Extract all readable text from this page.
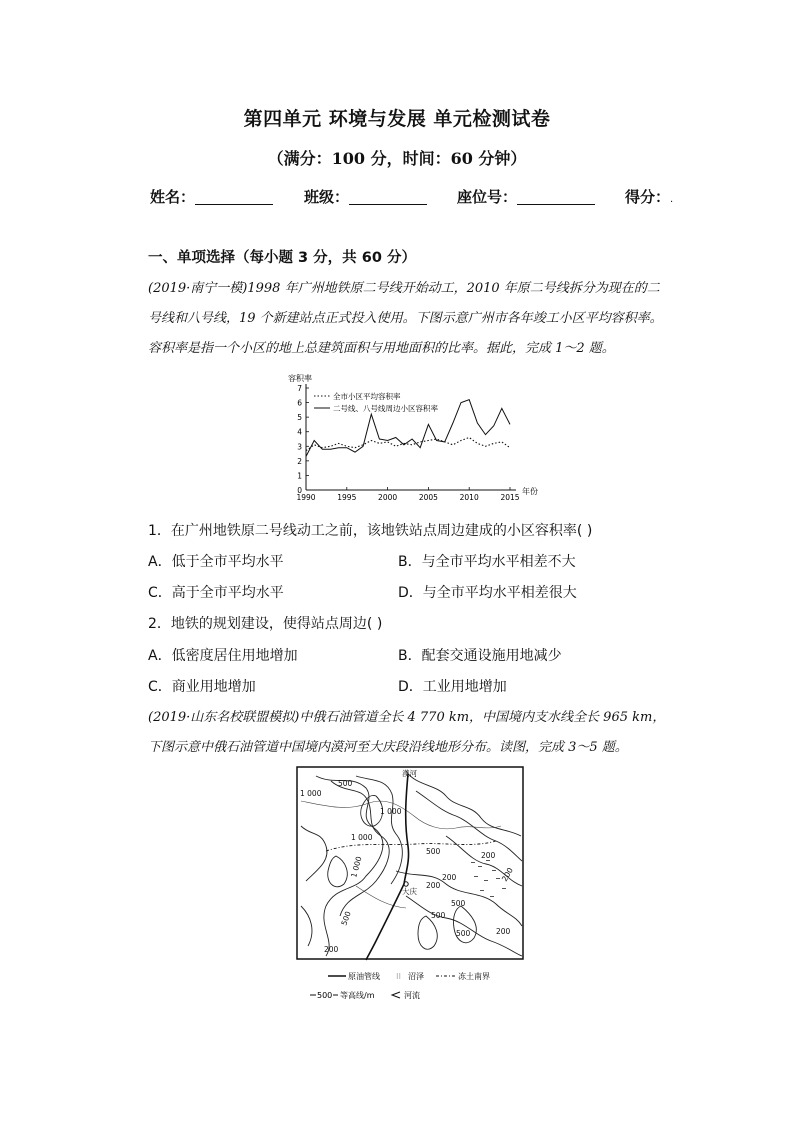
第四单元 环境与发展 单元检测试卷
（满分：100 分，时间：60 分钟）
姓名：	班级：	座位号：	得分：.
一、单项选择（每小题 3 分，共 60 分）
(2019·南宁一模)1998 年广州地铁原二号线开始动工，2010 年原二号线拆分为现在的二
号线和八号线，19 个新建站点正式投入使用。下图示意广州市各年竣工小区平均容积率。
容积率是指一个小区的地上总建筑面积与用地面积的比率。据此，完成 1～2 题。
容积率
0
1
2
3
4
5
6
7
1990	1995	2000	2005	2010	2015
全市小区平均容积率
二号线、八号线周边小区容积率
年份
1．在广州地铁原二号线动工之前，该地铁站点周边建成的小区容积率( )
A．低于全市平均水平	B．与全市平均水平相差不大
C．高于全市平均水平	D．与全市平均水平相差很大
2．地铁的规划建设，使得站点周边( )
A．低密度居住用地增加	B．配套交通设施用地减少
C．商业用地增加	D．工业用地增加
(2019·山东名校联盟模拟)中俄石油管道全长 4 770 km，中国境内支水线全长 965 km，
下图示意中俄石油管道中国境内漠河至大庆段沿线地形分布。读图，完成 3～5 题。
漠河
大庆
500
1 000
1 000
1 000
1 000
500
500	500
500
500
200
200
200
200
200
200
原油管线 ⁝⁝ 沼泽	冻土南界
500 等高线/m	河流
